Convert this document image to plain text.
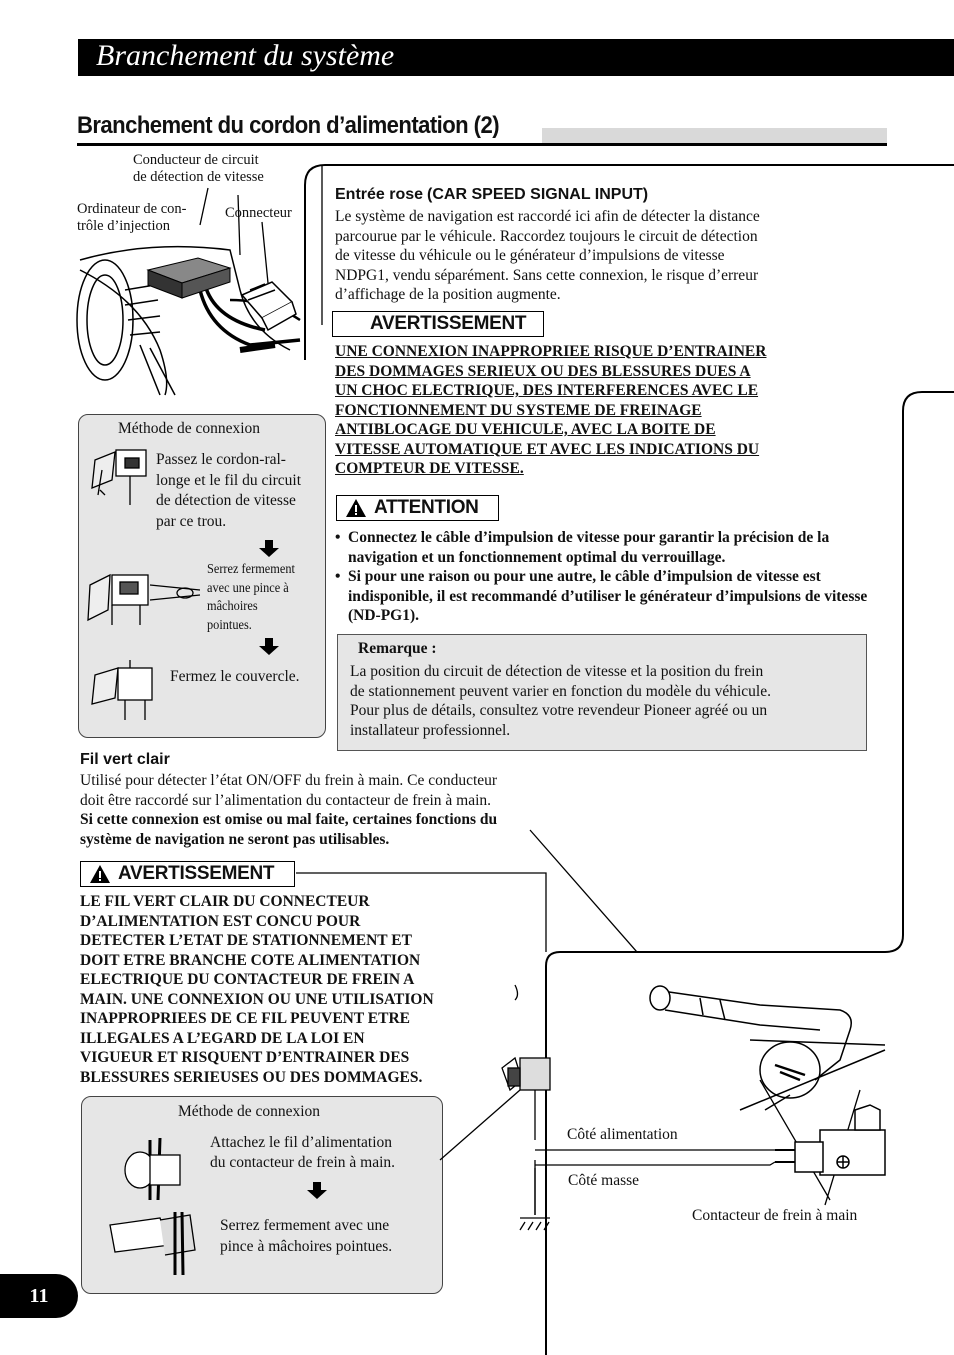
Branchement du système
Branchement du cordon d’alimentation (2)
Conducteur de circuit
de détection de vitesse
Ordinateur de con-
trôle d’injection
Connecteur
Entrée rose (CAR SPEED SIGNAL INPUT)
Le système de navigation est raccordé ici afin de détecter la distance
parcourue par le véhicule. Raccordez toujours le circuit de détection
de vitesse du véhicule ou le générateur d’impulsions de vitesse
NDPG1, vendu séparément. Sans cette connexion, le risque d’erreur
d’affichage de la position augmente.
AVERTISSEMENT
UNE CONNEXION INAPPROPRIEE RISQUE D’ENTRAINER
DES DOMMAGES SERIEUX OU DES BLESSURES DUES A
UN CHOC ELECTRIQUE, DES INTERFERENCES AVEC LE
FONCTIONNEMENT DU SYSTEME DE FREINAGE
ANTIBLOCAGE DU VEHICULE, AVEC LA BOITE DE
VITESSE AUTOMATIQUE ET AVEC LES INDICATIONS DU
COMPTEUR DE VITESSE.
ATTENTION
• Connectez le câble d’impulsion de vitesse pour garantir la précision de la navigation et un fonctionnement optimal du verrouillage.
• Si pour une raison ou pour une autre, le câble d’impulsion de vitesse est indisponible, il est recommandé d’utiliser le générateur d’impulsions de vitesse (ND-PG1).
Remarque :
La position du circuit de détection de vitesse et la position du frein
de stationnement peuvent varier en fonction du modèle du véhicule.
Pour plus de détails, consultez votre revendeur Pioneer agréé ou un
installateur professionnel.
Méthode de connexion
Passez le cordon-ral-
longe et le fil du circuit
de détection de vitesse
par ce trou.
Serrez fermement
avec une pince à
mâchoires
pointues.
Fermez le couvercle.
Fil vert clair
Utilisé pour détecter l’état ON/OFF du frein à main. Ce conducteur
doit être raccordé sur l’alimentation du contacteur de frein à main.
Si cette connexion est omise ou mal faite, certaines fonctions du
système de navigation ne seront pas utilisables.
AVERTISSEMENT
LE FIL VERT CLAIR DU CONNECTEUR
D’ALIMENTATION EST CONCU POUR
DETECTER L’ETAT DE STATIONNEMENT ET
DOIT ETRE BRANCHE COTE ALIMENTATION
ELECTRIQUE DU CONTACTEUR DE FREIN A
MAIN. UNE CONNEXION OU UNE UTILISATION
INAPPROPRIEES DE CE FIL PEUVENT ETRE
ILLEGALES A L’EGARD DE LA LOI EN
VIGUEUR ET RISQUENT D’ENTRAINER DES
BLESSURES SERIEUSES OU DES DOMMAGES.
Méthode de connexion
Attachez le fil d’alimentation
du contacteur de frein à main.
Serrez fermement avec une
pince à mâchoires pointues.
Côté alimentation
Côté masse
Contacteur de frein à main
11
